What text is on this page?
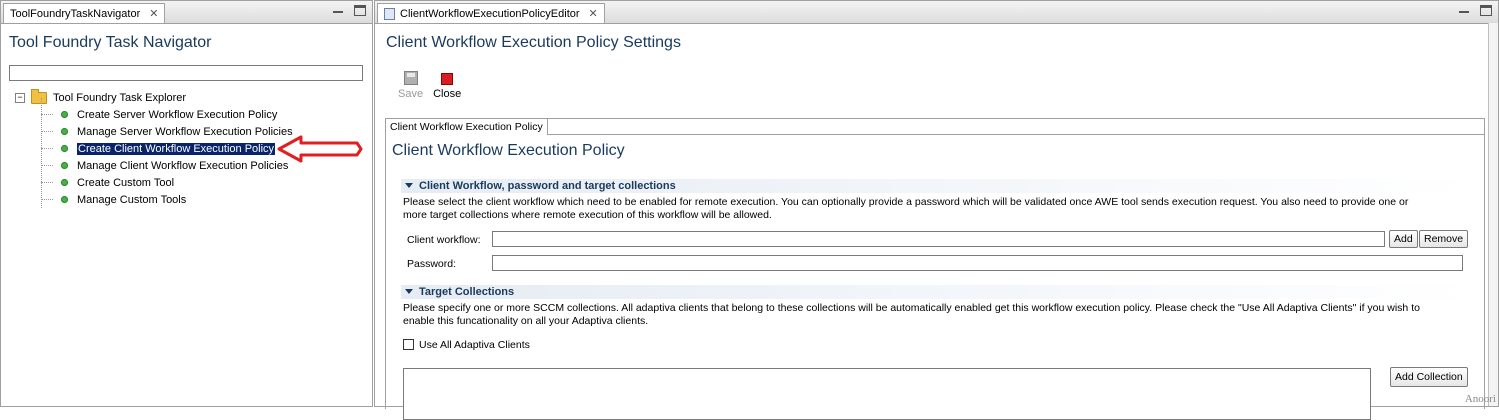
ToolFoundryTaskNavigator ✕
Tool Foundry Task Navigator
−	Tool Foundry Task Explorer
Create Server Workflow Execution Policy
Manage Server Workflow Execution Policies
Create Client Workflow Execution Policy
Manage Client Workflow Execution Policies
Create Custom Tool
Manage Custom Tools
ClientWorkflowExecutionPolicyEditor ✕
Client Workflow Execution Policy Settings
Save Close
Client Workflow Execution Policy
Client Workflow Execution Policy
Client Workflow, password and target collections
Please select the client workflow which need to be enabled for remote execution. You can optionally provide a password which will be validated once AWE tool sends execution request. You also need to provide one or
more target collections where remote execution of this workflow will be allowed.
Client workflow:	Add	Remove
Password:
Target Collections
Please specify one or more SCCM collections. All adaptiva clients that belong to these collections will be automatically enabled get this workflow execution policy. Please check the "Use All Adaptiva Clients" if you wish to
enable this funcationality on all your Adaptiva clients.
Use All Adaptiva Clients
Add Collection
Anoori
